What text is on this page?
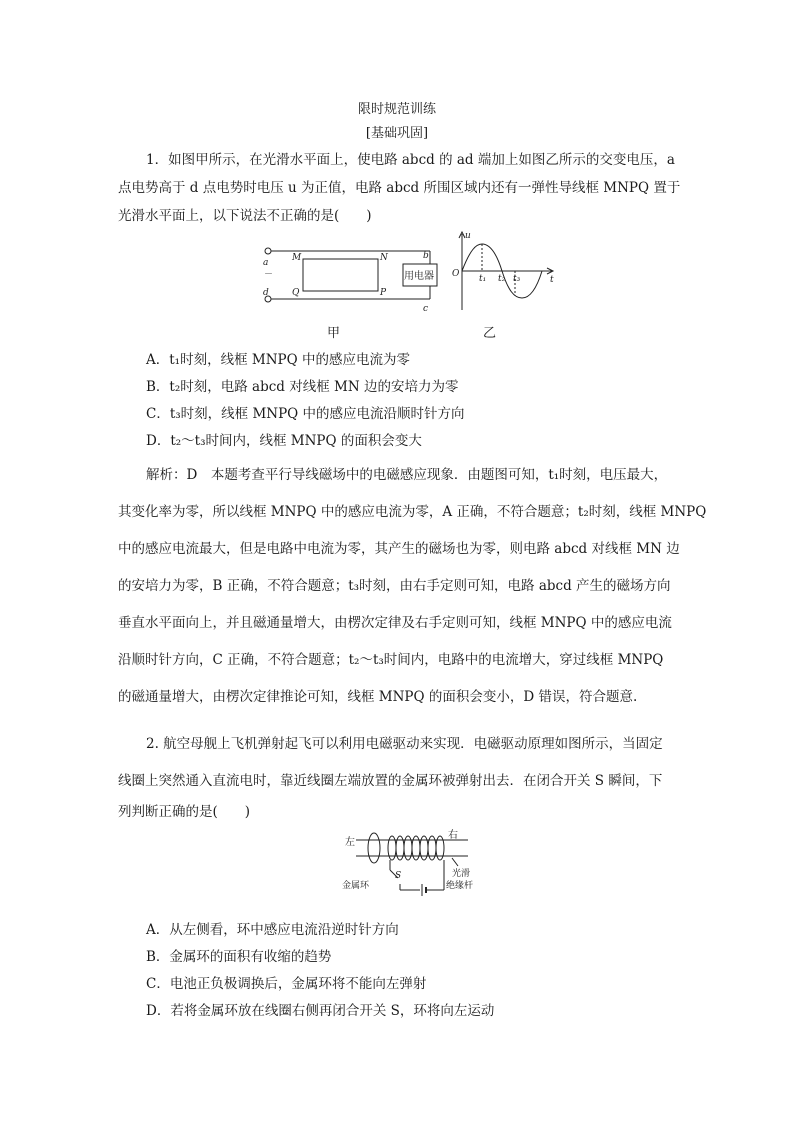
限时规范训练
[基础巩固]
1．如图甲所示，在光滑水平面上，使电路 abcd 的 ad 端加上如图乙所示的交变电压，a
点电势高于 d 点电势时电压 u 为正值，电路 abcd 所围区域内还有一弹性导线框 MNPQ 置于
光滑水平面上，以下说法不正确的是(　　)
a
－
d
b
c
M	N
Q	P
用电器
u
O
t
t₁ t₂ t₃
甲	乙
A．t₁时刻，线框 MNPQ 中的感应电流为零
B．t₂时刻，电路 abcd 对线框 MN 边的安培力为零
C．t₃时刻，线框 MNPQ 中的感应电流沿顺时针方向
D．t₂～t₃时间内，线框 MNPQ 的面积会变大
解析：D　本题考查平行导线磁场中的电磁感应现象．由题图可知，t₁时刻，电压最大，
其变化率为零，所以线框 MNPQ 中的感应电流为零，A 正确，不符合题意；t₂时刻，线框 MNPQ
中的感应电流最大，但是电路中电流为零，其产生的磁场也为零，则电路 abcd 对线框 MN 边
的安培力为零，B 正确，不符合题意；t₃时刻，由右手定则可知，电路 abcd 产生的磁场方向
垂直水平面向上，并且磁通量增大，由楞次定律及右手定则可知，线框 MNPQ 中的感应电流
沿顺时针方向，C 正确，不符合题意；t₂～t₃时间内，电路中的电流增大，穿过线框 MNPQ
的磁通量增大，由楞次定律推论可知，线框 MNPQ 的面积会变小，D 错误，符合题意.
2. 航空母舰上飞机弹射起飞可以利用电磁驱动来实现．电磁驱动原理如图所示，当固定
线圈上突然通入直流电时，靠近线圈左端放置的金属环被弹射出去．在闭合开关 S 瞬间，下
列判断正确的是(　　)
左
右
金属环
S	光滑
绝缘杆
A．从左侧看，环中感应电流沿逆时针方向
B．金属环的面积有收缩的趋势
C．电池正负极调换后，金属环将不能向左弹射
D．若将金属环放在线圈右侧再闭合开关 S，环将向左运动
